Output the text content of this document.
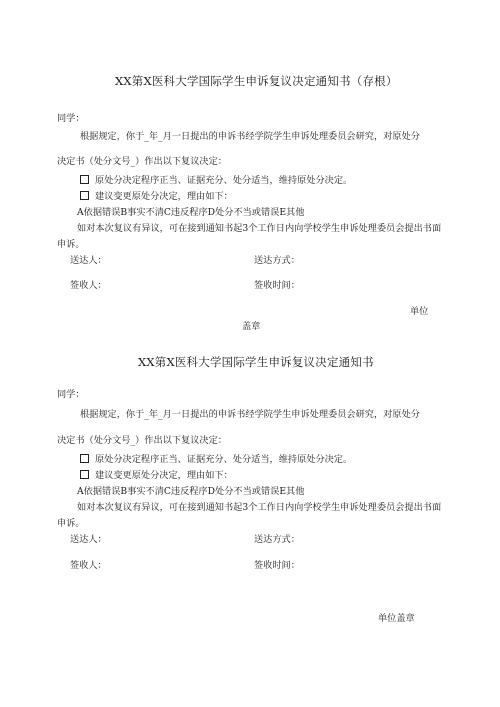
XX第X医科大学国际学生申诉复议决定通知书（存根）
同学：
根据规定，你于_年_月一日提出的申诉书经学院学生申诉处理委员会研究，对原处分
决定书（处分文号_）作出以下复议决定：
原处分决定程序正当、证据充分、处分适当，维持原处分决定。
建议变更原处分决定，理由如下：
A依据错误B事实不清C违反程序D处分不当或错误E其他
如对本次复议有异议，可在接到通知书起3个工作日内向学校学生申诉处理委员会提出书面
申诉。
送达人：	送达方式：
签收人：	签收时间：
单位
盖章
XX第X医科大学国际学生申诉复议决定通知书
同学：
根据规定，你于_年_月一日提出的申诉书经学院学生申诉处理委员会研究，对原处分
决定书（处分文号_）作出以下复议决定：
原处分决定程序正当、证据充分、处分适当，维持原处分决定。
建议变更原处分决定，理由如下：
A依据错误B事实不清C违反程序D处分不当或错误E其他
如对本次复议有异议，可在接到通知书起3个工作日内向学校学生申诉处理委员会提出书面
申诉。
送达人：	送达方式：
签收人：	签收时间：
单位盖章
